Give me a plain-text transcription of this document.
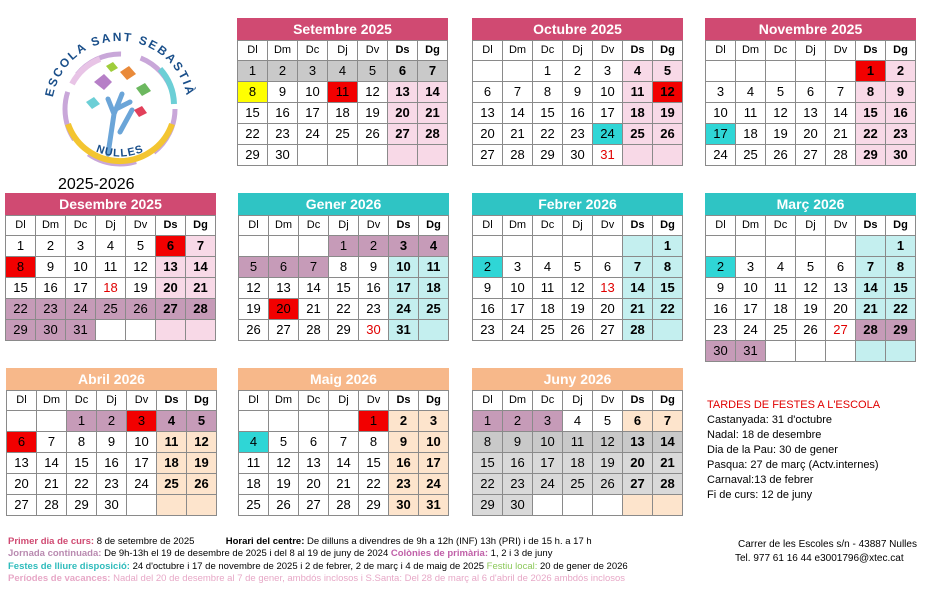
ESCOLA SANT SEBASTIÀ
NULLES
2025-2026
Setembre 2025
Dl	Dm	Dc	Dj	Dv	Ds	Dg
1	2	3	4	5	6	7
8	9	10	11	12	13	14
15	16	17	18	19	20	21
22	23	24	25	26	27	28
29	30					
Octubre 2025
Dl	Dm	Dc	Dj	Dv	Ds	Dg
		1	2	3	4	5
6	7	8	9	10	11	12
13	14	15	16	17	18	19
20	21	22	23	24	25	26
27	28	29	30	31		
Novembre 2025
Dl	Dm	Dc	Dj	Dv	Ds	Dg
					1	2
3	4	5	6	7	8	9
10	11	12	13	14	15	16
17	18	19	20	21	22	23
24	25	26	27	28	29	30
Desembre 2025
Dl	Dm	Dc	Dj	Dv	Ds	Dg
1	2	3	4	5	6	7
8	9	10	11	12	13	14
15	16	17	18	19	20	21
22	23	24	25	26	27	28
29	30	31				
Gener 2026
Dl	Dm	Dc	Dj	Dv	Ds	Dg
			1	2	3	4
5	6	7	8	9	10	11
12	13	14	15	16	17	18
19	20	21	22	23	24	25
26	27	28	29	30	31	
Febrer 2026
Dl	Dm	Dc	Dj	Dv	Ds	Dg
						1
2	3	4	5	6	7	8
9	10	11	12	13	14	15
16	17	18	19	20	21	22
23	24	25	26	27	28	
Març 2026
Dl	Dm	Dc	Dj	Dv	Ds	Dg
						1
2	3	4	5	6	7	8
9	10	11	12	13	14	15
16	17	18	19	20	21	22
23	24	25	26	27	28	29
30	31					
Abril 2026
Dl	Dm	Dc	Dj	Dv	Ds	Dg
		1	2	3	4	5
6	7	8	9	10	11	12
13	14	15	16	17	18	19
20	21	22	23	24	25	26
27	28	29	30			
Maig 2026
Dl	Dm	Dc	Dj	Dv	Ds	Dg
				1	2	3
4	5	6	7	8	9	10
11	12	13	14	15	16	17
18	19	20	21	22	23	24
25	26	27	28	29	30	31
Juny 2026
Dl	Dm	Dc	Dj	Dv	Ds	Dg
1	2	3	4	5	6	7
8	9	10	11	12	13	14
15	16	17	18	19	20	21
22	23	24	25	26	27	28
29	30					
TARDES DE FESTES A L'ESCOLA
Castanyada: 31 d'octubre
Nadal: 18 de desembre
Dia de la Pau: 30 de gener
Pasqua: 27 de març (Actv.internes)
Carnaval:13 de febrer
Fi de curs: 12 de juny
Primer dia de curs: 8 de setembre de 2025	Horari del centre: De dilluns a divendres de 9h a 12h (INF) 13h (PRI) i de 15 h. a 17 h
Jornada continuada: De 9h-13h el 19 de desembre de 2025 i del 8 al 19 de juny de 2024 Colònies de primària: 1, 2 i 3 de juny
Festes de lliure disposició: 24 d'octubre i 17 de novembre de 2025 i 2 de febrer, 2 de març i 4 de maig de 2025 Festiu local: 20 de gener de 2026
Períodes de vacances: Nadal del 20 de desembre al 7 de gener, ambdós inclosos i S.Santa: Del 28 de març al 6 d'abril de 2026 ambdós inclosos
Carrer de les Escoles s/n - 43887 Nulles
Tel. 977 61 16 44 e3001796@xtec.cat
